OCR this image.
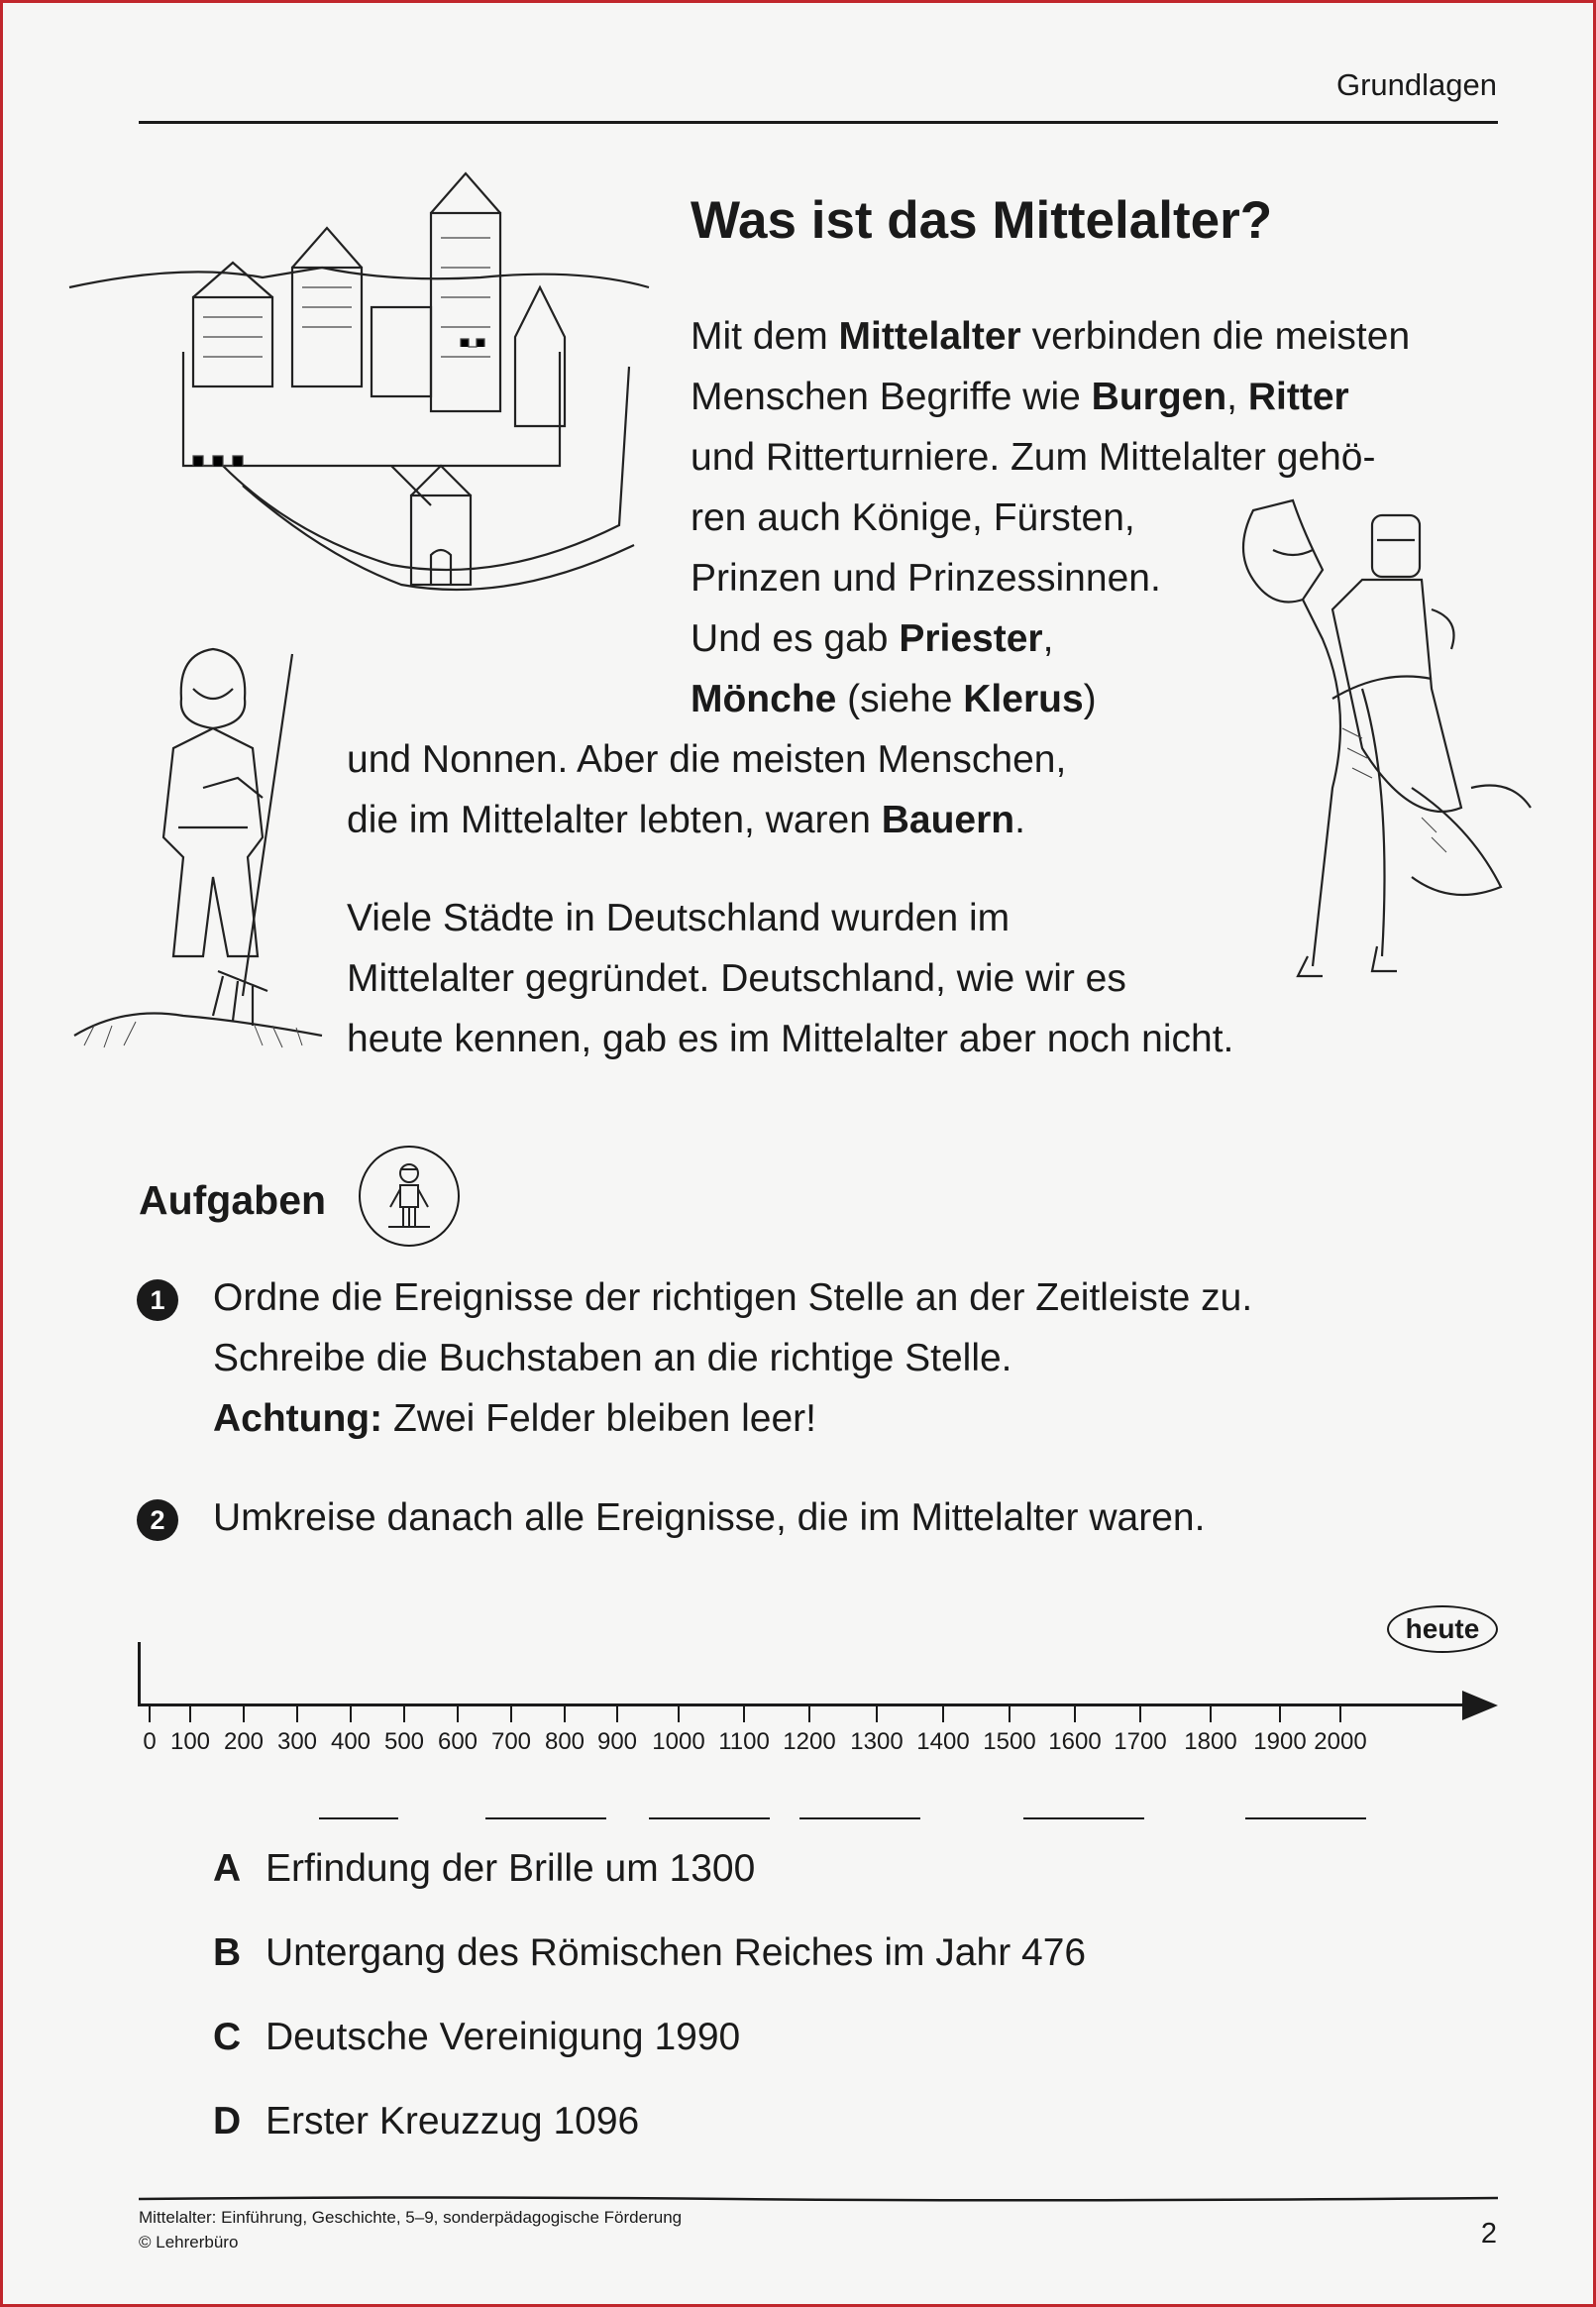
Grundlagen
Was ist das Mittelalter?
Mit dem Mittelalter verbinden die meisten
Menschen Begriffe wie Burgen, Ritter
und Ritterturniere. Zum Mittelalter gehö-
ren auch Könige, Fürsten,
Prinzen und Prinzessinnen.
Und es gab Priester,
Mönche (siehe Klerus)
und Nonnen. Aber die meisten Menschen,
die im Mittelalter lebten, waren Bauern.
Viele Städte in Deutschland wurden im
Mittelalter gegründet. Deutschland, wie wir es
heute kennen, gab es im Mittelalter aber noch nicht.
Aufgaben
1	Ordne die Ereignisse der richtigen Stelle an der Zeitleiste zu.
Schreibe die Buchstaben an die richtige Stelle.
Achtung: Zwei Felder bleiben leer!
2	Umkreise danach alle Ereignisse, die im Mittelalter waren.
heute
0 100 200 300 400 500 600 700 800 900 1000 1100 1200 1300 1400 1500 1600 1700 1800 1900 2000
A Erfindung der Brille um 1300
B Untergang des Römischen Reiches im Jahr 476
C Deutsche Vereinigung 1990
D Erster Kreuzzug 1096
Mittelalter: Einführung, Geschichte, 5–9, sonderpädagogische Förderung
© Lehrerbüro	2
